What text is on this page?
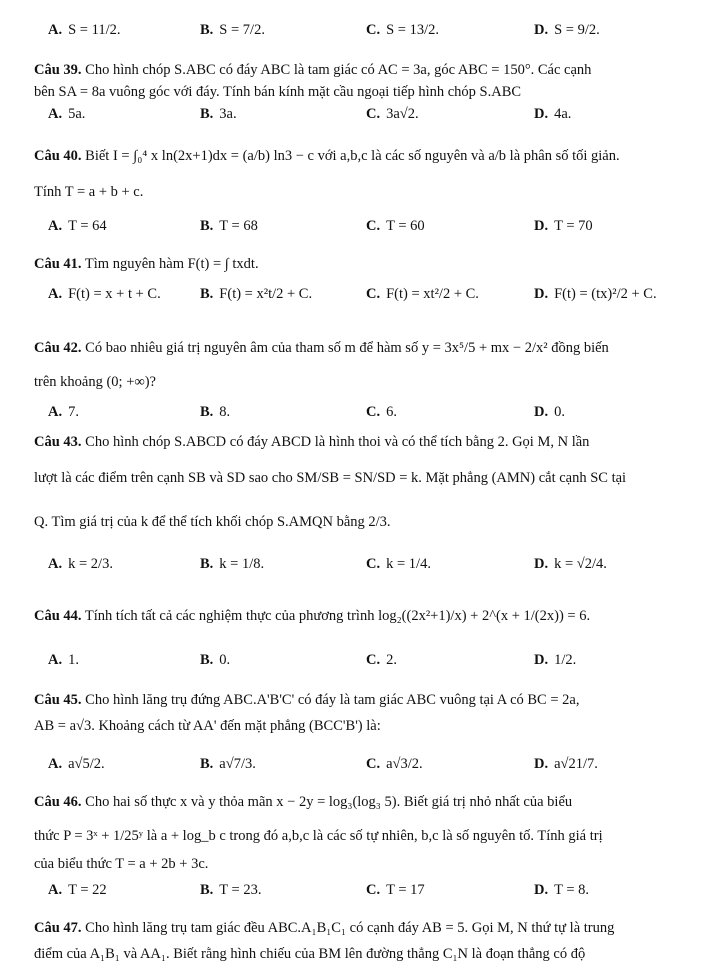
A. S = 11/2.	B. S = 7/2.	C. S = 13/2.	D. S = 9/2.
Câu 39. Cho hình chóp S.ABC có đáy ABC là tam giác có AC = 3a, góc ABC = 150°. Các cạnh
bên SA = 8a vuông góc với đáy. Tính bán kính mặt cầu ngoại tiếp hình chóp S.ABC
A. 5a.	B. 3a.	C. 3a√2.	D. 4a.
Câu 40. Biết I = ∫₀⁴ x ln(2x+1)dx = (a/b) ln3 − c với a,b,c là các số nguyên và a/b là phân số tối giản.
Tính T = a + b + c.
A. T = 64	B. T = 68	C. T = 60	D. T = 70
Câu 41. Tìm nguyên hàm F(t) = ∫ txdt.
A. F(t) = x + t + C.	B. F(t) = x²t/2 + C.	C. F(t) = xt²/2 + C.	D. F(t) = (tx)²/2 + C.
Câu 42. Có bao nhiêu giá trị nguyên âm của tham số m để hàm số y = 3x⁵/5 + mx − 2/x² đồng biến
trên khoảng (0; +∞)?
A. 7.	B. 8.	C. 6.	D. 0.
Câu 43. Cho hình chóp S.ABCD có đáy ABCD là hình thoi và có thể tích bằng 2. Gọi M, N lần
lượt là các điểm trên cạnh SB và SD sao cho SM/SB = SN/SD = k. Mặt phẳng (AMN) cắt cạnh SC tại
Q. Tìm giá trị của k để thể tích khối chóp S.AMQN bằng 2/3.
A. k = 2/3.	B. k = 1/8.	C. k = 1/4.	D. k = √2/4.
Câu 44. Tính tích tất cả các nghiệm thực của phương trình log₂((2x²+1)/x) + 2^(x + 1/(2x)) = 6.
A. 1.	B. 0.	C. 2.	D. 1/2.
Câu 45. Cho hình lăng trụ đứng ABC.A'B'C' có đáy là tam giác ABC vuông tại A có BC = 2a,
AB = a√3. Khoảng cách từ AA' đến mặt phẳng (BCC'B') là:
A. a√5/2.	B. a√7/3.	C. a√3/2.	D. a√21/7.
Câu 46. Cho hai số thực x và y thỏa mãn x − 2y = log₃(log₃ 5). Biết giá trị nhỏ nhất của biểu
thức P = 3ˣ + 1/25ʸ là a + log_b c trong đó a,b,c là các số tự nhiên, b,c là số nguyên tố. Tính giá trị
của biểu thức T = a + 2b + 3c.
A. T = 22	B. T = 23.	C. T = 17	D. T = 8.
Câu 47. Cho hình lăng trụ tam giác đều ABC.A₁B₁C₁ có cạnh đáy AB = 5. Gọi M, N thứ tự là trung
điểm của A₁B₁ và AA₁. Biết rằng hình chiếu của BM lên đường thẳng C₁N là đoạn thẳng có độ
